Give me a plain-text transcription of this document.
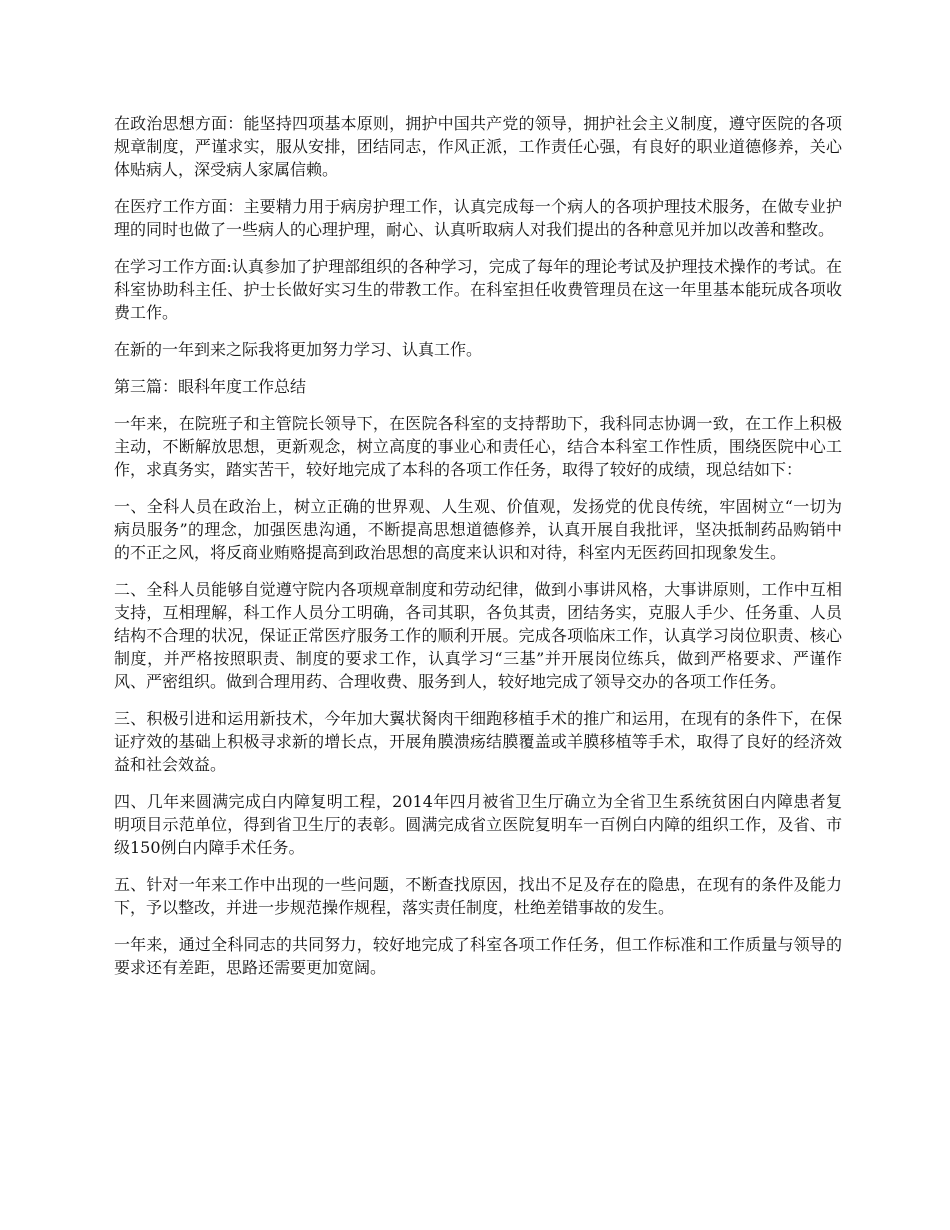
在政治思想方面：能坚持四项基本原则，拥护中国共产党的领导，拥护社会主义制度，遵守医院的各项规章制度，严谨求实，服从安排，团结同志，作风正派，工作责任心强，有良好的职业道德修养，关心体贴病人，深受病人家属信赖。

在医疗工作方面：主要精力用于病房护理工作，认真完成每一个病人的各项护理技术服务，在做专业护理的同时也做了一些病人的心理护理，耐心、认真听取病人对我们提出的各种意见并加以改善和整改。

在学习工作方面:认真参加了护理部组织的各种学习，完成了每年的理论考试及护理技术操作的考试。在科室协助科主任、护士长做好实习生的带教工作。在科室担任收费管理员在这一年里基本能玩成各项收费工作。

在新的一年到来之际我将更加努力学习、认真工作。

第三篇：眼科年度工作总结

一年来，在院班子和主管院长领导下，在医院各科室的支持帮助下，我科同志协调一致，在工作上积极主动，不断解放思想，更新观念，树立高度的事业心和责任心，结合本科室工作性质，围绕医院中心工作，求真务实，踏实苦干，较好地完成了本科的各项工作任务，取得了较好的成绩，现总结如下：

一、全科人员在政治上，树立正确的世界观、人生观、价值观，发扬党的优良传统，牢固树立“一切为病员服务”的理念，加强医患沟通，不断提高思想道德修养，认真开展自我批评，坚决抵制药品购销中的不正之风，将反商业贿赂提高到政治思想的高度来认识和对待，科室内无医药回扣现象发生。

二、全科人员能够自觉遵守院内各项规章制度和劳动纪律，做到小事讲风格，大事讲原则，工作中互相支持，互相理解，科工作人员分工明确，各司其职，各负其责，团结务实，克服人手少、任务重、人员结构不合理的状况，保证正常医疗服务工作的顺利开展。完成各项临床工作，认真学习岗位职责、核心制度，并严格按照职责、制度的要求工作，认真学习“三基”并开展岗位练兵，做到严格要求、严谨作风、严密组织。做到合理用药、合理收费、服务到人，较好地完成了领导交办的各项工作任务。

三、积极引进和运用新技术，今年加大翼状胬肉干细跑移植手术的推广和运用，在现有的条件下，在保证疗效的基础上积极寻求新的增长点，开展角膜溃疡结膜覆盖或羊膜移植等手术，取得了良好的经济效益和社会效益。

四、几年来圆满完成白内障复明工程，2014年四月被省卫生厅确立为全省卫生系统贫困白内障患者复明项目示范单位，得到省卫生厅的表彰。圆满完成省立医院复明车一百例白内障的组织工作，及省、市级150例白内障手术任务。

五、针对一年来工作中出现的一些问题，不断查找原因，找出不足及存在的隐患，在现有的条件及能力下，予以整改，并进一步规范操作规程，落实责任制度，杜绝差错事故的发生。

一年来，通过全科同志的共同努力，较好地完成了科室各项工作任务，但工作标准和工作质量与领导的要求还有差距，思路还需要更加宽阔。
